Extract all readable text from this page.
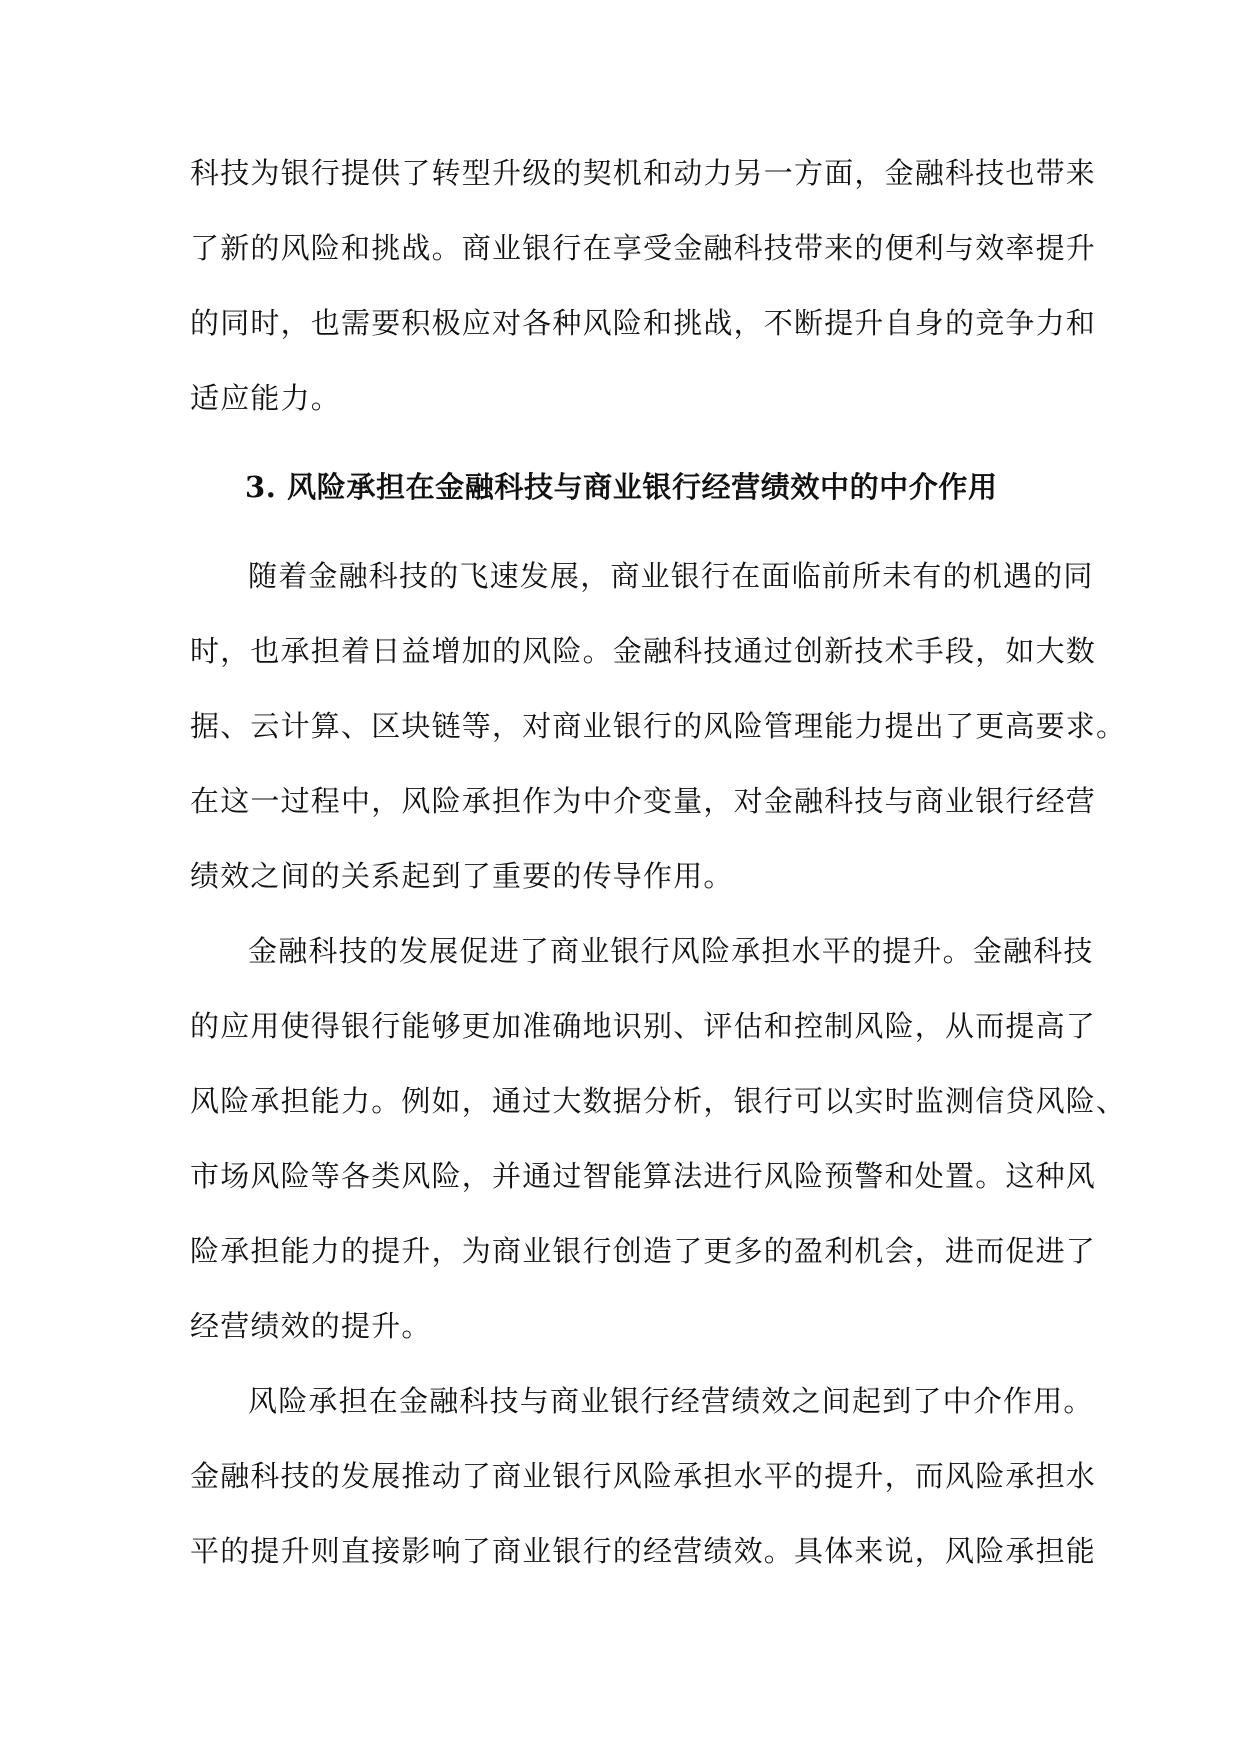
科技为银行提供了转型升级的契机和动力另一方面，金融科技也带来
了新的风险和挑战。商业银行在享受金融科技带来的便利与效率提升
的同时，也需要积极应对各种风险和挑战，不断提升自身的竞争力和
适应能力。
3. 风险承担在金融科技与商业银行经营绩效中的中介作用
随着金融科技的飞速发展，商业银行在面临前所未有的机遇的同
时，也承担着日益增加的风险。金融科技通过创新技术手段，如大数
据、云计算、区块链等，对商业银行的风险管理能力提出了更高要求。
在这一过程中，风险承担作为中介变量，对金融科技与商业银行经营
绩效之间的关系起到了重要的传导作用。
金融科技的发展促进了商业银行风险承担水平的提升。金融科技
的应用使得银行能够更加准确地识别、评估和控制风险，从而提高了
风险承担能力。例如，通过大数据分析，银行可以实时监测信贷风险、
市场风险等各类风险，并通过智能算法进行风险预警和处置。这种风
险承担能力的提升，为商业银行创造了更多的盈利机会，进而促进了
经营绩效的提升。
风险承担在金融科技与商业银行经营绩效之间起到了中介作用。
金融科技的发展推动了商业银行风险承担水平的提升，而风险承担水
平的提升则直接影响了商业银行的经营绩效。具体来说，风险承担能
